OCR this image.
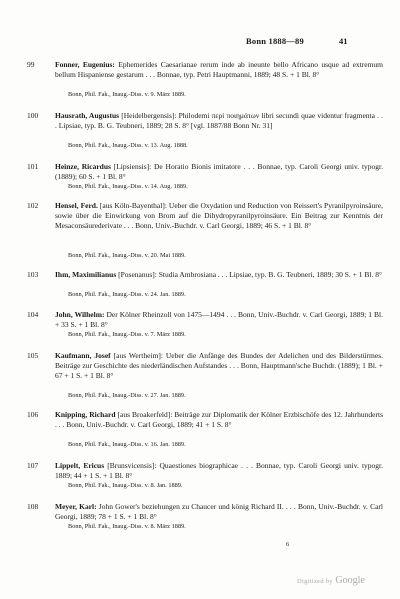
Bonn 1888—89	41
99	Fonner, Eugenius: Ephemerides Caesarianae rerum inde ab ineunte bello Africano usque ad extremum bellum Hispaniense gestarum . . . Bonnae, typ. Petri Hauptmanni, 1889; 48 S. + 1 Bl. 8°
Bonn, Phil. Fak., Inaug.-Diss. v. 9. März 1889.
100 Hausrath, Augustus [Heidelbergensis]: Philodemi περὶ ποιημάτων libri secundi quae videntur fragmenta . . . Lipsiae, typ. B. G. Teubneri, 1889; 28 S. 8° [vgl. 1887/88 Bonn Nr. 31]
Bonn, Phil. Fak., Inaug.-Diss. v. 13. Aug. 1888.
101 Heinze, Ricardus [Lipsiensis]: De Horatio Bionis imitatore . . . Bonnae, typ. Caroli Georgi univ. typogr. (1889); 60 S. + 1 Bl. 8°
Bonn, Phil. Fak., Inaug.-Diss. v. 14. Aug. 1889.
102 Hensel, Ferd. [aus Köln-Bayenthal]: Ueber die Oxydation und Reduction von Reissert's Pyranilpyroinsäure, sowie über die Einwirkung von Brom auf die Dihydropyranilpyroinsäure. Ein Beitrag zur Kenntnis der Mesaconsäurederivate . . . Bonn, Univ.-Buchdr. v. Carl Georgi, 1889; 46 S. + 1 Bl. 8°
Bonn, Phil. Fak., Inaug.-Diss. v. 20. Mai 1889.
103 Ihm, Maximilianus [Posenanus]: Studia Ambrosiana . . . Lipsiae, typ. B. G. Teubneri, 1889; 30 S. + 1 Bl. 8°
Bonn, Phil. Fak., Inaug.-Diss. v. 24. Jan. 1889.
104 John, Wilhelm: Der Kölner Rheinzoll von 1475—1494 . . . Bonn, Univ.-Buchdr. v. Carl Georgi, 1889; 1 Bl. + 33 S. + 1 Bl. 8°
Bonn, Phil. Fak., Inaug.-Diss. v. 7. März 1889.
105 Kaufmann, Josef [aus Wertheim]: Ueber die Anfänge des Bundes der Adelichen und des Bilderstürmes. Beiträge zur Geschichte des niederländischen Aufstandes . . . Bonn, Hauptmann'sche Buchdr. (1889); 1 Bl. + 67 + 1 S. + 1 Bl. 8°
Bonn, Phil. Fak., Inaug.-Diss. v. 27. Jan. 1889.
106 Knipping, Richard [aus Broakerfeld]: Beiträge zur Diplomatik der Kölner Erzbischöfe des 12. Jahrhunderts . . . Bonn, Univ.-Buchdr. v. Carl Georgi, 1889; 41 + 1 S. 8°
Bonn, Phil. Fak., Inaug.-Diss. v. 16. Jan. 1889.
107 Lippelt, Ericus [Brunsvicensis]: Quaestiones biographicae . . . Bonnae, typ. Caroli Georgi univ. typogr. 1889; 44 + 1 S. + 1 Bl. 8°
Bonn, Phil. Fak., Inaug.-Diss. v. 8. Jan. 1889.
108 Meyer, Karl: John Gower's beziehungen zu Chaucer und könig Richard II. . . . Bonn, Univ.-Buchdr. v. Carl Georgi, 1889; 78 + 1 S. + 1 Bl. 8°
Bonn, Phil. Fak., Inaug.-Diss. v. 8. März 1889.
6
Digitized by Google
